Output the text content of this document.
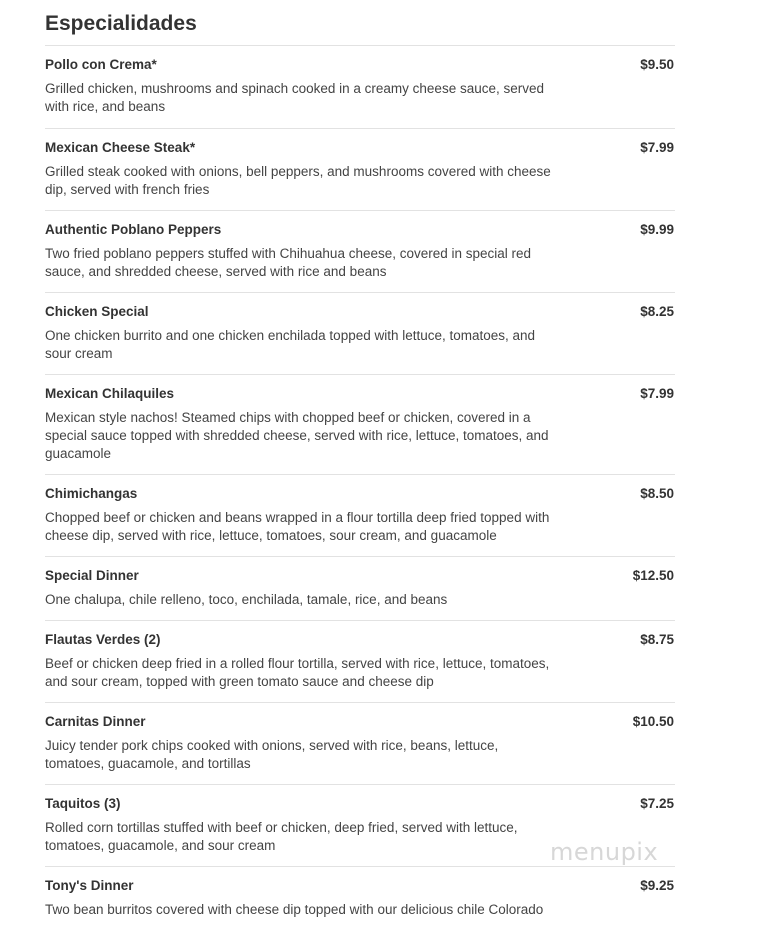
Especialidades
Pollo con Crema*	$9.50
Grilled chicken, mushrooms and spinach cooked in a creamy cheese sauce, served with rice, and beans
Mexican Cheese Steak*	$7.99
Grilled steak cooked with onions, bell peppers, and mushrooms covered with cheese dip, served with french fries
Authentic Poblano Peppers	$9.99
Two fried poblano peppers stuffed with Chihuahua cheese, covered in special red sauce, and shredded cheese, served with rice and beans
Chicken Special	$8.25
One chicken burrito and one chicken enchilada topped with lettuce, tomatoes, and sour cream
Mexican Chilaquiles	$7.99
Mexican style nachos! Steamed chips with chopped beef or chicken, covered in a special sauce topped with shredded cheese, served with rice, lettuce, tomatoes, and guacamole
Chimichangas	$8.50
Chopped beef or chicken and beans wrapped in a flour tortilla deep fried topped with cheese dip, served with rice, lettuce, tomatoes, sour cream, and guacamole
Special Dinner	$12.50
One chalupa, chile relleno, toco, enchilada, tamale, rice, and beans
Flautas Verdes (2)	$8.75
Beef or chicken deep fried in a rolled flour tortilla, served with rice, lettuce, tomatoes, and sour cream, topped with green tomato sauce and cheese dip
Carnitas Dinner	$10.50
Juicy tender pork chips cooked with onions, served with rice, beans, lettuce, tomatoes, guacamole, and tortillas
Taquitos (3)	$7.25
Rolled corn tortillas stuffed with beef or chicken, deep fried, served with lettuce, tomatoes, guacamole, and sour cream
Tony's Dinner	$9.25
Two bean burritos covered with cheese dip topped with our delicious chile Colorado
menupix
